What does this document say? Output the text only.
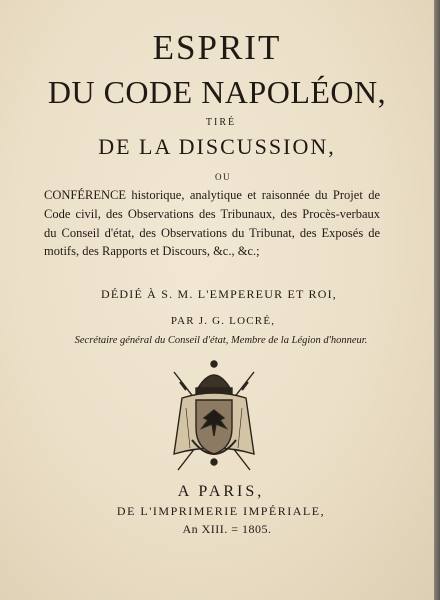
ESPRIT
DU CODE NAPOLÉON,
TIRÉ
DE LA DISCUSSION,
OU
CONFÉRENCE historique, analytique et raisonnée du Projet de Code civil, des Observations des Tribunaux, des Procès-verbaux du Conseil d'état, des Observations du Tribunat, des Exposés de motifs, des Rapports et Discours, &c., &c.;
DÉDIÉ À S. M. L'EMPEREUR ET ROI,
PAR J. G. LOCRÉ,
Secrétaire général du Conseil d'état, Membre de la Légion d'honneur.
A PARIS,
DE L'IMPRIMERIE IMPÉRIALE,
An XIII. = 1805.
